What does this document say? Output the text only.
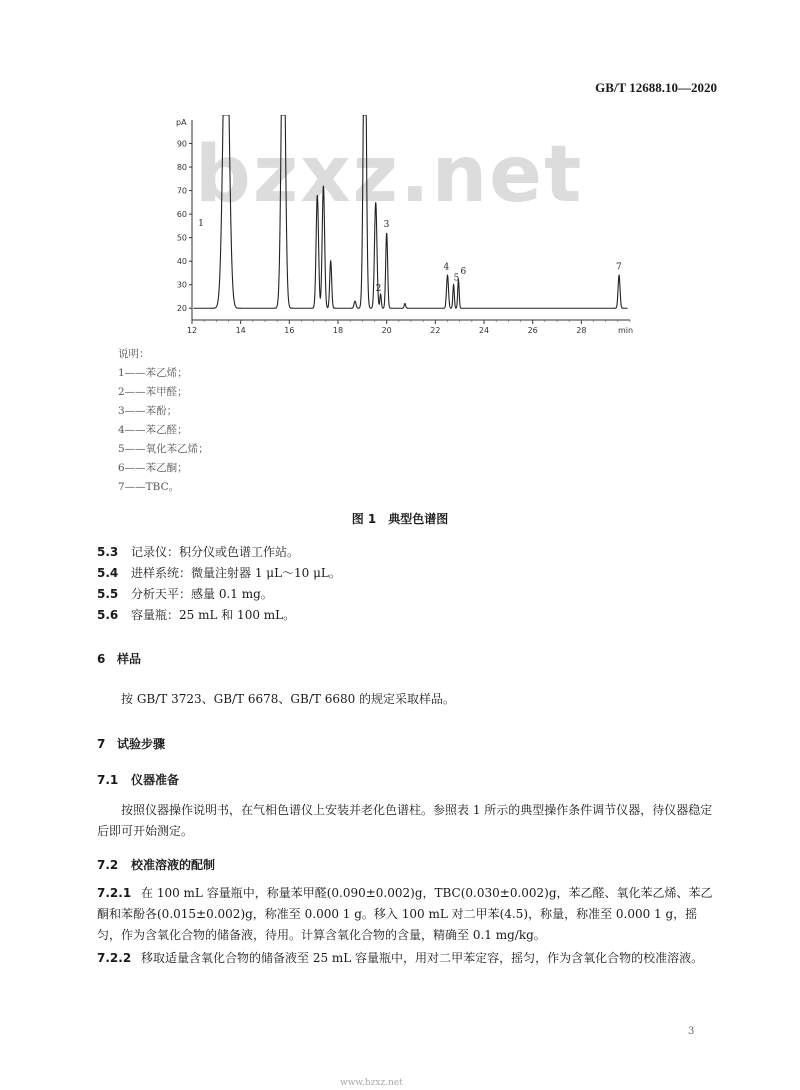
GB/T 12688.10—2020
bzxz.net
20
30
40
50
60
70
80
90
pA
12	14	16	18	20	22	24	26	28	min
1
2
3
4
5
6	7
说明：
1——苯乙烯；
2——苯甲醛；
3——苯酚；
4——苯乙醛；
5——氧化苯乙烯；
6——苯乙酮；
7——TBC。
图 1　典型色谱图
5.3 记录仪：积分仪或色谱工作站。
5.4 进样系统：微量注射器 1 μL～10 μL。
5.5 分析天平：感量 0.1 mg。
5.6 容量瓶：25 mL 和 100 mL。
6 样品
按 GB/T 3723、GB/T 6678、GB/T 6680 的规定采取样品。
7 试验步骤
7.1 仪器准备
按照仪器操作说明书，在气相色谱仪上安装并老化色谱柱。参照表 1 所示的典型操作条件调节仪器，待仪器稳定后即可开始测定。
7.2 校准溶液的配制
7.2.1 在 100 mL 容量瓶中，称量苯甲醛(0.090±0.002)g，TBC(0.030±0.002)g，苯乙醛、氧化苯乙烯、苯乙酮和苯酚各(0.015±0.002)g，称准至 0.000 1 g。移入 100 mL 对二甲苯(4.5)，称量，称准至 0.000 1 g，摇匀，作为含氧化合物的储备液，待用。计算含氧化合物的含量，精确至 0.1 mg/kg。
7.2.2 移取适量含氧化合物的储备液至 25 mL 容量瓶中，用对二甲苯定容，摇匀，作为含氧化合物的校准溶液。
3
www.bzxz.net
